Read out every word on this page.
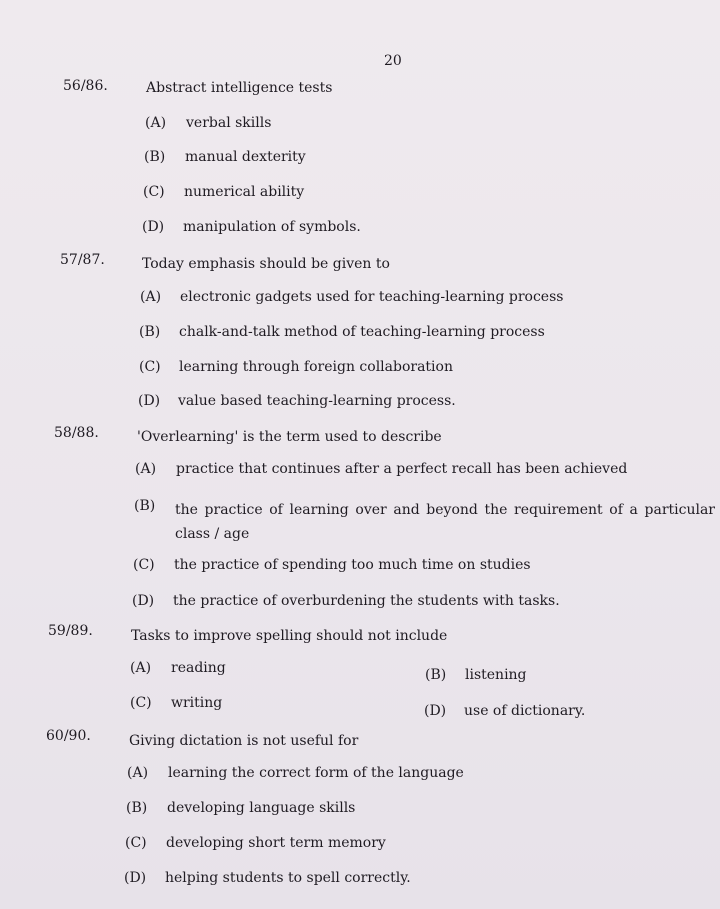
20
56/86.	Abstract intelligence tests
(A) verbal skills
(B) manual dexterity
(C) numerical ability
(D) manipulation of symbols.
57/87.	Today emphasis should be given to
(A) electronic gadgets used for teaching-learning process
(B) chalk-and-talk method of teaching-learning process
(C) learning through foreign collaboration
(D) value based teaching-learning process.
58/88.	'Overlearning' is the term used to describe
(A) practice that continues after a perfect recall has been achieved
(B) the practice of learning over and beyond the requirement of a particular class / age
(C) the practice of spending too much time on studies
(D) the practice of overburdening the students with tasks.
59/89.	Tasks to improve spelling should not include
(A) reading	(B) listening
(C) writing	(D) use of dictionary.
60/90.	Giving dictation is not useful for
(A) learning the correct form of the language
(B) developing language skills
(C) developing short term memory
(D) helping students to spell correctly.
